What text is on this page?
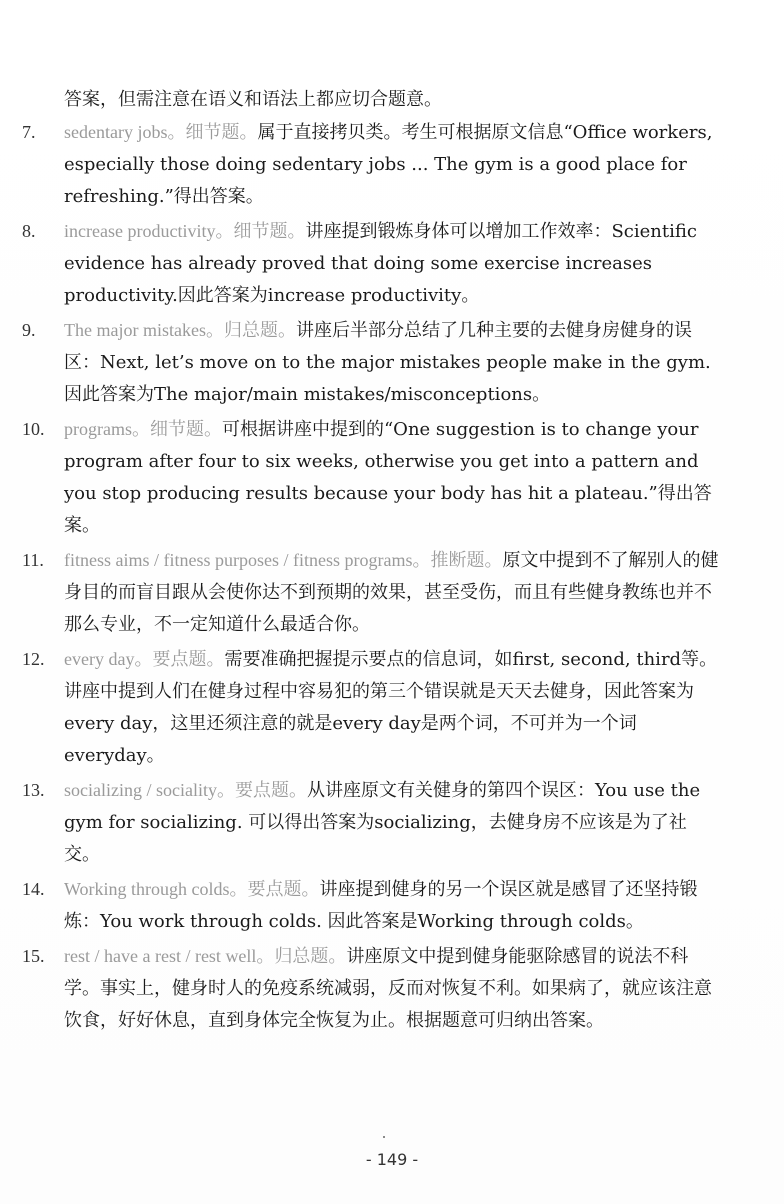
答案，但需注意在语义和语法上都应切合题意。
7.	sedentary jobs。细节题。属于直接拷贝类。考生可根据原文信息“Office workers, especially those doing sedentary jobs ... The gym is a good place for refreshing.”得出答案。
8.	increase productivity。细节题。讲座提到锻炼身体可以增加工作效率：Scientific evidence has already proved that doing some exercise increases productivity.因此答案为increase productivity。
9.	The major mistakes。归总题。讲座后半部分总结了几种主要的去健身房健身的误区：Next, let’s move on to the major mistakes people make in the gym. 因此答案为The major/main mistakes/misconceptions。
10.	programs。细节题。可根据讲座中提到的“One suggestion is to change your program after four to six weeks, otherwise you get into a pattern and you stop producing results because your body has hit a plateau.”得出答案。
11.	fitness aims / fitness purposes / fitness programs。推断题。原文中提到不了解别人的健身目的而盲目跟从会使你达不到预期的效果，甚至受伤，而且有些健身教练也并不那么专业，不一定知道什么最适合你。
12.	every day。要点题。需要准确把握提示要点的信息词，如first, second, third等。讲座中提到人们在健身过程中容易犯的第三个错误就是天天去健身，因此答案为every day，这里还须注意的就是every day是两个词，不可并为一个词everyday。
13.	socializing / sociality。要点题。从讲座原文有关健身的第四个误区：You use the gym for socializing. 可以得出答案为socializing，去健身房不应该是为了社交。
14.	Working through colds。要点题。讲座提到健身的另一个误区就是感冒了还坚持锻炼：You work through colds. 因此答案是Working through colds。
15.	rest / have a rest / rest well。归总题。讲座原文中提到健身能驱除感冒的说法不科学。事实上，健身时人的免疫系统减弱，反而对恢复不利。如果病了，就应该注意饮食，好好休息，直到身体完全恢复为止。根据题意可归纳出答案。
- 149 -
